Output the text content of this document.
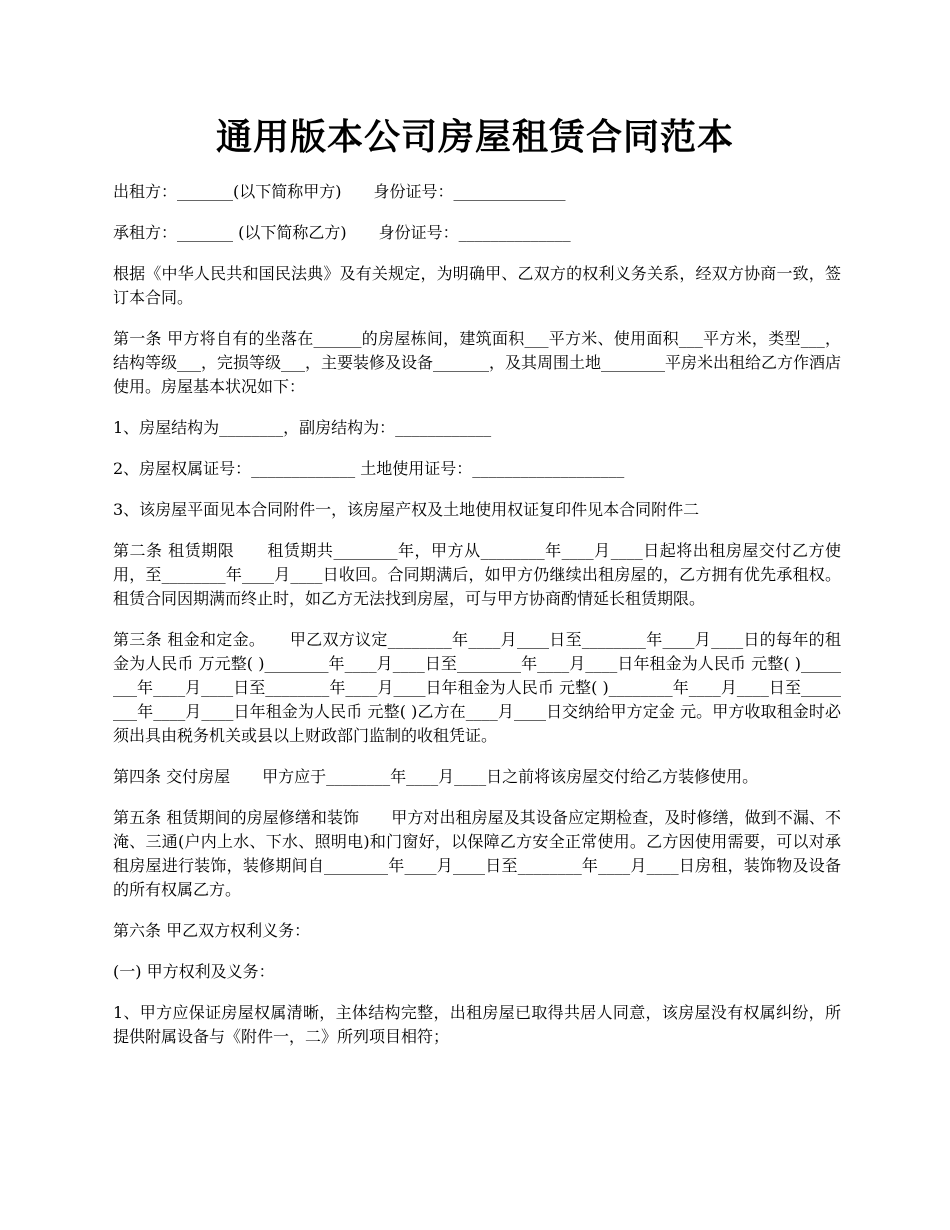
通用版本公司房屋租赁合同范本

出租方：_______(以下简称甲方)　　身份证号：______________

承租方：_______ (以下简称乙方)　　身份证号：______________

根据《中华人民共和国民法典》及有关规定，为明确甲、乙双方的权利义务关系，经双方协商一致，签订本合同。

第一条 甲方将自有的坐落在______的房屋栋间，建筑面积___平方米、使用面积___平方米，类型___，结构等级___，完损等级___，主要装修及设备_______，及其周围土地________平房米出租给乙方作酒店使用。房屋基本状况如下：

1、房屋结构为________，副房结构为：____________

2、房屋权属证号：_____________ 土地使用证号：___________________

3、该房屋平面见本合同附件一，该房屋产权及土地使用权证复印件见本合同附件二

第二条 租赁期限　　租赁期共________年，甲方从________年____月____日起将出租房屋交付乙方使用，至________年____月____日收回。合同期满后，如甲方仍继续出租房屋的，乙方拥有优先承租权。租赁合同因期满而终止时，如乙方无法找到房屋，可与甲方协商酌情延长租赁期限。

第三条 租金和定金。　　甲乙双方议定________年____月____日至________年____月____日的每年的租金为人民币 万元整( )________年____月____日至________年____月____日年租金为人民币 元整( )________年____月____日至________年____月____日年租金为人民币 元整( )________年____月____日至________年____月____日年租金为人民币 元整( )乙方在____月____日交纳给甲方定金 元。甲方收取租金时必须出具由税务机关或县以上财政部门监制的收租凭证。

第四条 交付房屋　　甲方应于________年____月____日之前将该房屋交付给乙方装修使用。

第五条 租赁期间的房屋修缮和装饰　　甲方对出租房屋及其设备应定期检查，及时修缮，做到不漏、不淹、三通(户内上水、下水、照明电)和门窗好，以保障乙方安全正常使用。乙方因使用需要，可以对承租房屋进行装饰，装修期间自________年____月____日至________年____月____日房租，装饰物及设备的所有权属乙方。

第六条 甲乙双方权利义务：

(一) 甲方权利及义务：

1、甲方应保证房屋权属清晰，主体结构完整，出租房屋已取得共居人同意，该房屋没有权属纠纷，所提供附属设备与《附件一，二》所列项目相符；
